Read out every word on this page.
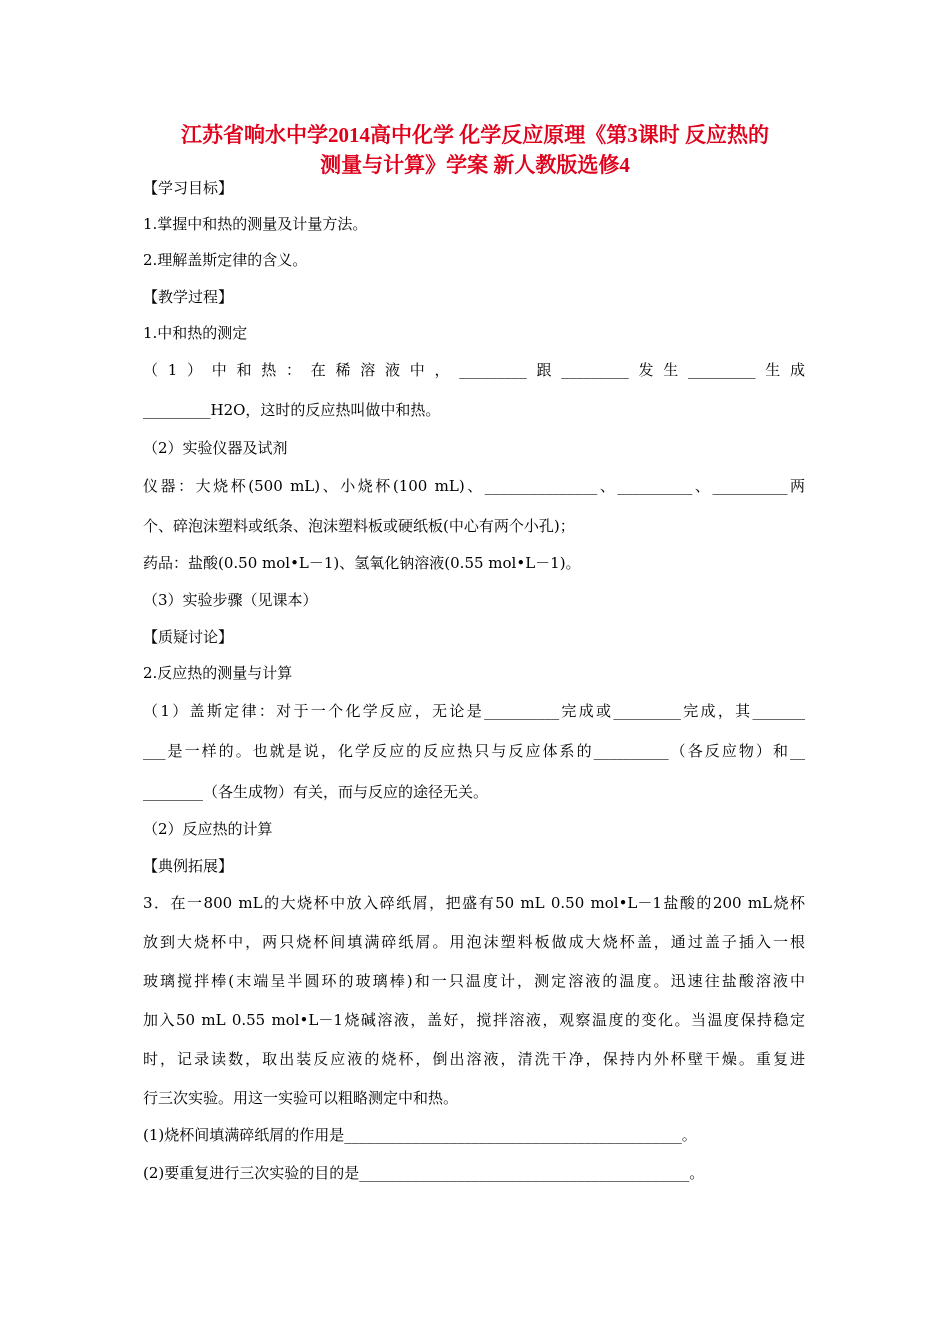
江苏省响水中学2014高中化学 化学反应原理《第3课时 反应热的
测量与计算》学案 新人教版选修4
【学习目标】
1.掌握中和热的测量及计量方法。
2.理解盖斯定律的含义。
【教学过程】
1.中和热的测定
（1）中和热：在稀溶液中，_________跟_________发生_________生成
_________H2O，这时的反应热叫做中和热。
（2）实验仪器及试剂
仪器：大烧杯(500 mL)、小烧杯(100 mL)、_______________、__________、__________两
个、碎泡沫塑料或纸条、泡沫塑料板或硬纸板(中心有两个小孔)；
药品：盐酸(0.50 mol•L－1)、氢氧化钠溶液(0.55 mol•L－1)。
（3）实验步骤（见课本）
【质疑讨论】
2.反应热的测量与计算
（1）盖斯定律：对于一个化学反应，无论是__________完成或_________完成，其_______
___是一样的。也就是说，化学反应的反应热只与反应体系的__________（各反应物）和__
________（各生成物）有关，而与反应的途径无关。
（2）反应热的计算
【典例拓展】
3．在一800 mL的大烧杯中放入碎纸屑，把盛有50 mL 0.50 mol•L－1盐酸的200 mL烧杯
放到大烧杯中，两只烧杯间填满碎纸屑。用泡沫塑料板做成大烧杯盖，通过盖子插入一根
玻璃搅拌棒(末端呈半圆环的玻璃棒)和一只温度计，测定溶液的温度。迅速往盐酸溶液中
加入50 mL 0.55 mol•L－1烧碱溶液，盖好，搅拌溶液，观察温度的变化。当温度保持稳定
时，记录读数，取出装反应液的烧杯，倒出溶液，清洗干净，保持内外杯壁干燥。重复进
行三次实验。用这一实验可以粗略测定中和热。
(1)烧杯间填满碎纸屑的作用是_____________________________________________。
(2)要重复进行三次实验的目的是____________________________________________。
